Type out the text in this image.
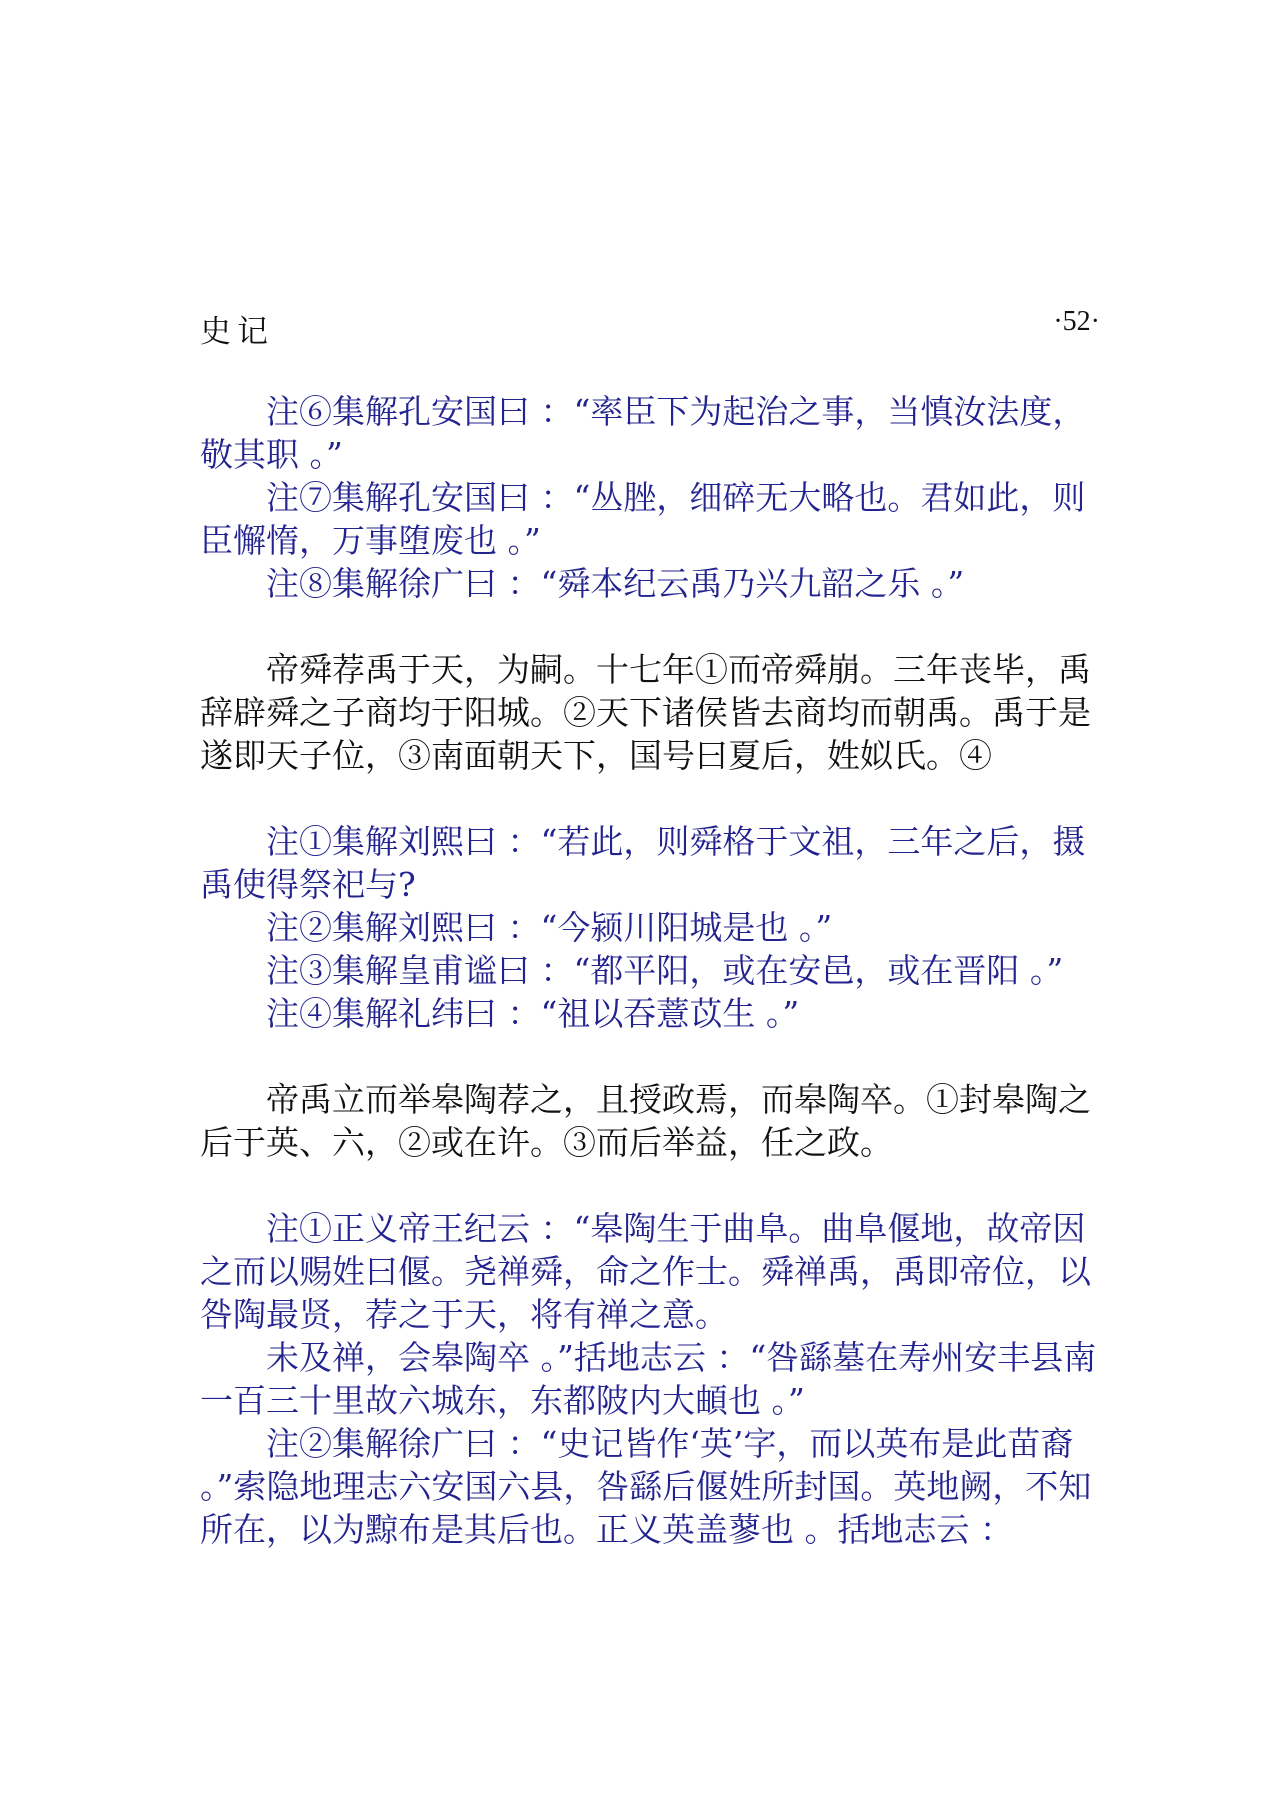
史记	·52·

注⑥集解孔安国曰 ：“率臣下为起治之事，当慎汝法度，敬其职 。”

注⑦集解孔安国曰 ：“丛脞，细碎无大略也。君如此，则臣懈惰，万事堕废也 。”

注⑧集解徐广曰 ：“舜本纪云禹乃兴九韶之乐 。”

帝舜荐禹于天，为嗣。十七年①而帝舜崩。三年丧毕，禹辞辟舜之子商均于阳城。②天下诸侯皆去商均而朝禹。禹于是遂即天子位，③南面朝天下，国号曰夏后，姓姒氏。④

注①集解刘熙曰 ：“若此，则舜格于文祖，三年之后，摄禹使得祭祀与?

注②集解刘熙曰 ：“今颍川阳城是也 。”

注③集解皇甫谧曰 ：“都平阳，或在安邑，或在晋阳 。”

注④集解礼纬曰 ：“祖以吞薏苡生 。”

帝禹立而举皋陶荐之，且授政焉，而皋陶卒。①封皋陶之后于英、六，②或在许。③而后举益，任之政。

注①正义帝王纪云 ：“皋陶生于曲阜。曲阜偃地，故帝因之而以赐姓曰偃。尧禅舜，命之作士。舜禅禹，禹即帝位，以咎陶最贤，荐之于天，将有禅之意。

未及禅，会皋陶卒 。”括地志云 ：“咎繇墓在寿州安丰县南一百三十里故六城东，东都陂内大頔也 。”

注②集解徐广曰 ：“史记皆作‘英’字，而以英布是此苗裔 。”索隐地理志六安国六县，咎繇后偃姓所封国。英地阙，不知所在，以为黥布是其后也。正义英盖蓼也 。括地志云 ：
